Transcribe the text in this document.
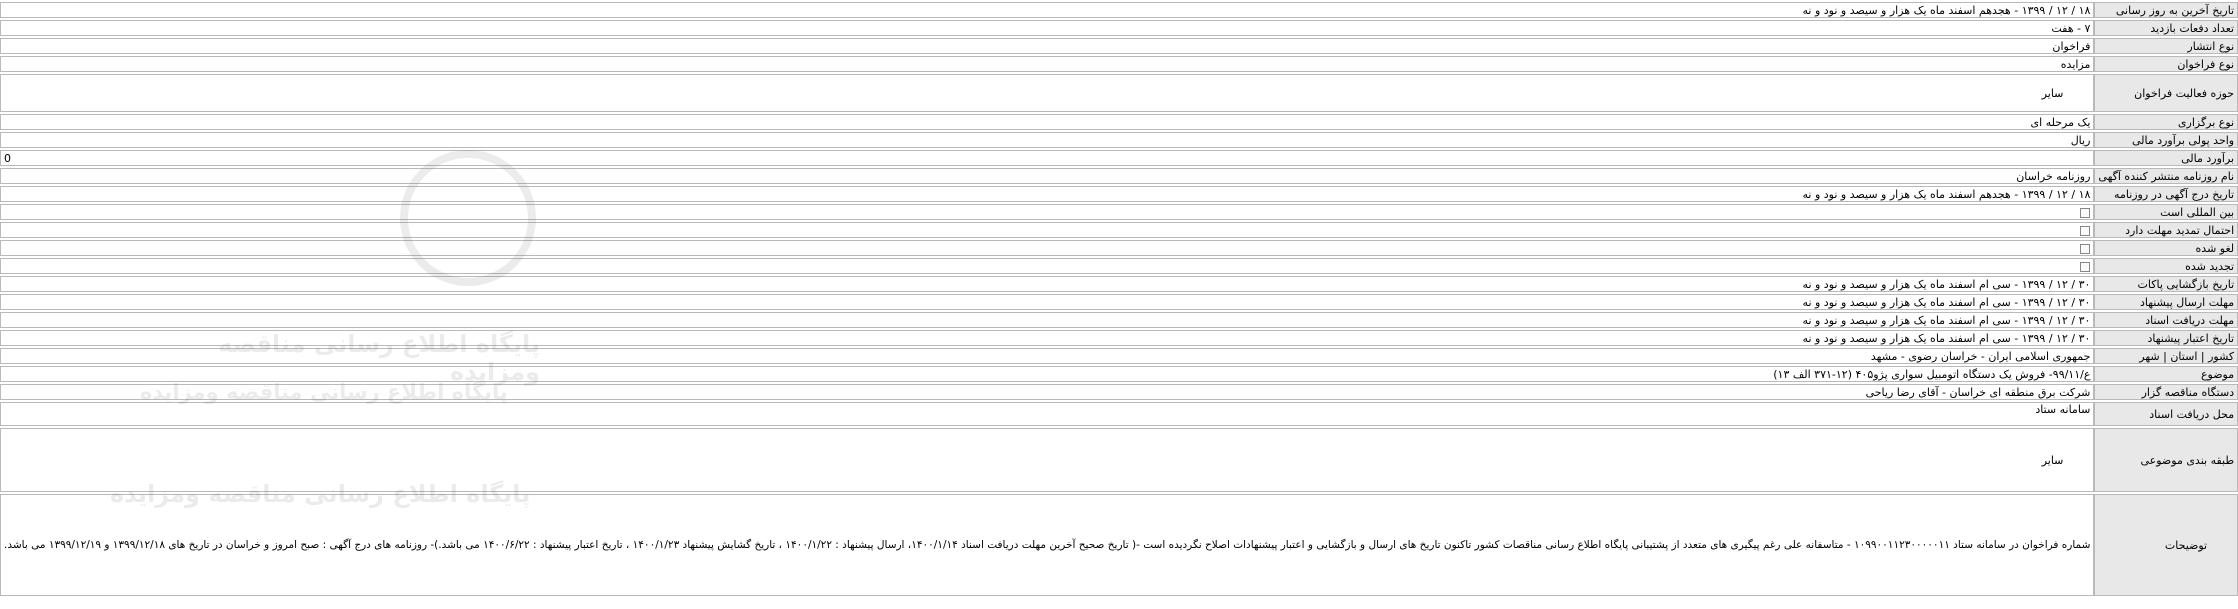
تاریخ آخرین به روز رسانی	۱۸ / ۱۲ / ۱۳۹۹ - هجدهم اسفند ماه یک هزار و سیصد و نود و نه
تعداد دفعات بازدید	۷ - هفت
نوع انتشار	فراخوان
نوع فراخوان	مزایده
حوزه فعالیت فراخوان	سایر
نوع برگزاری	یک مرحله ای
واحد پولی برآورد مالی	ریال
برآورد مالی	0
نام روزنامه منتشر کننده آگهی	روزنامه خراسان
تاریخ درج آگهی در روزنامه	۱۸ / ۱۲ / ۱۳۹۹ - هجدهم اسفند ماه یک هزار و سیصد و نود و نه
بین المللی است	
احتمال تمدید مهلت دارد	
لغو شده	
تجدید شده	
تاریخ بازگشایی پاکات	۳۰ / ۱۲ / ۱۳۹۹ - سی ام اسفند ماه یک هزار و سیصد و نود و نه
مهلت ارسال پیشنهاد	۳۰ / ۱۲ / ۱۳۹۹ - سی ام اسفند ماه یک هزار و سیصد و نود و نه
مهلت دریافت اسناد	۳۰ / ۱۲ / ۱۳۹۹ - سی ام اسفند ماه یک هزار و سیصد و نود و نه
تاریخ اعتبار پیشنهاد	۳۰ / ۱۲ / ۱۳۹۹ - سی ام اسفند ماه یک هزار و سیصد و نود و نه
کشور | استان | شهر	جمهوری اسلامی ایران - خراسان رضوی - مشهد
موضوع	ع/۹۹/۱۱- فروش یک دستگاه اتومبیل سواری پژو۴۰۵ (۱۲-۳۷۱ الف ۱۳)
دستگاه مناقصه گزار	شرکت برق منطقه ای خراسان - آقای رضا ریاحی
محل دریافت اسناد	سامانه ستاد
طبقه بندی موضوعی	سایر
توضیحات	شماره فراخوان در سامانه ستاد ۱۰۹۹۰۰۱۱۲۳۰۰۰۰۰۱۱ - متاسفانه علی رغم پیگیری های متعدد از پشتیبانی پایگاه اطلاع رسانی مناقصات کشور تاکنون تاریخ های ارسال و بازگشایی و اعتبار پیشنهادات اصلاح نگردیده است -( تاریخ صحیح آخرین مهلت دریافت اسناد ۱۴۰۰/۱/۱۴، ارسال پیشنهاد : ۱۴۰۰/۱/۲۲ ، تاریخ گشایش پیشنهاد ۱۴۰۰/۱/۲۳ ، تاریخ اعتبار پیشنهاد : ۱۴۰۰/۶/۲۲ می باشد.)- روزنامه های درج آگهی : صبح امروز و خراسان در تاریخ های ۱۳۹۹/۱۲/۱۸ و ۱۳۹۹/۱۲/۱۹ می باشد.
